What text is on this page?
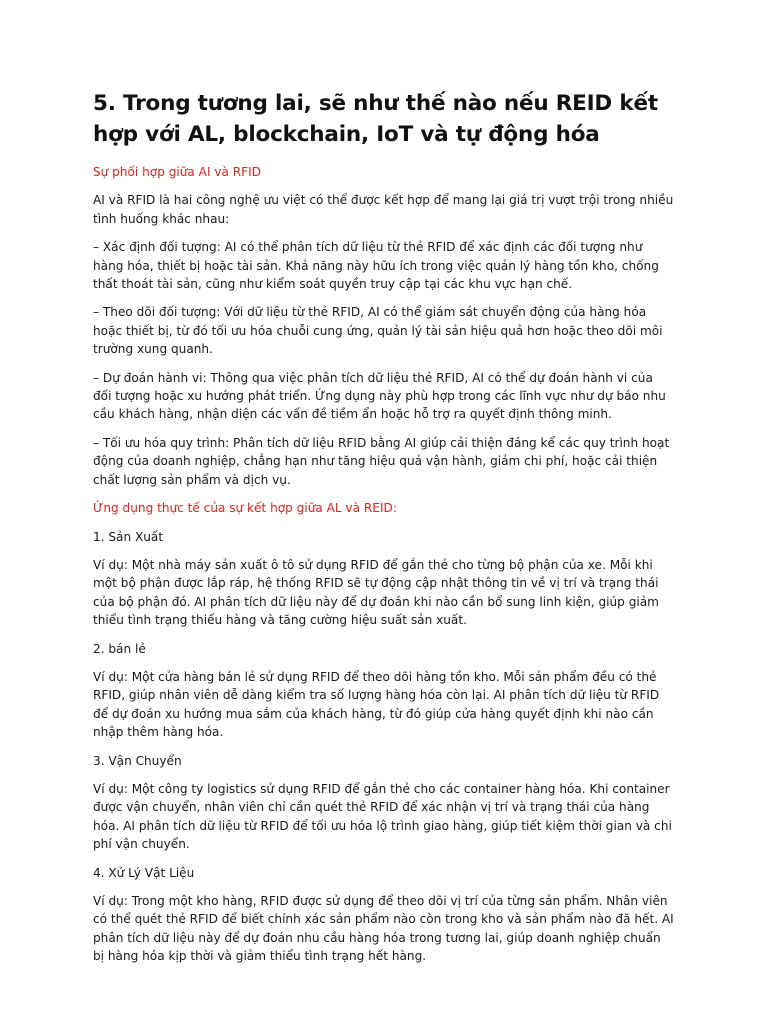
5. Trong tương lai, sẽ như thế nào nếu REID kết hợp với AL, blockchain, IoT và tự động hóa

Sự phối hợp giữa AI và RFID

AI và RFID là hai công nghệ ưu việt có thể được kết hợp để mang lại giá trị vượt trội trong nhiều tình huống khác nhau:

– Xác định đối tượng: AI có thể phân tích dữ liệu từ thẻ RFID để xác định các đối tượng như hàng hóa, thiết bị hoặc tài sản. Khả năng này hữu ích trong việc quản lý hàng tồn kho, chống thất thoát tài sản, cũng như kiểm soát quyền truy cập tại các khu vực hạn chế.

– Theo dõi đối tượng: Với dữ liệu từ thẻ RFID, AI có thể giám sát chuyển động của hàng hóa hoặc thiết bị, từ đó tối ưu hóa chuỗi cung ứng, quản lý tài sản hiệu quả hơn hoặc theo dõi môi trường xung quanh.

– Dự đoán hành vi: Thông qua việc phân tích dữ liệu thẻ RFID, AI có thể dự đoán hành vi của đối tượng hoặc xu hướng phát triển. Ứng dụng này phù hợp trong các lĩnh vực như dự báo nhu cầu khách hàng, nhận diện các vấn đề tiềm ẩn hoặc hỗ trợ ra quyết định thông minh.

– Tối ưu hóa quy trình: Phân tích dữ liệu RFID bằng AI giúp cải thiện đáng kể các quy trình hoạt động của doanh nghiệp, chẳng hạn như tăng hiệu quả vận hành, giảm chi phí, hoặc cải thiện chất lượng sản phẩm và dịch vụ.

Ứng dụng thực tế của sự kết hợp giữa AL và REID:

1. Sản Xuất

Ví dụ: Một nhà máy sản xuất ô tô sử dụng RFID để gắn thẻ cho từng bộ phận của xe. Mỗi khi một bộ phận được lắp ráp, hệ thống RFID sẽ tự động cập nhật thông tin về vị trí và trạng thái của bộ phận đó. AI phân tích dữ liệu này để dự đoán khi nào cần bổ sung linh kiện, giúp giảm thiểu tình trạng thiếu hàng và tăng cường hiệu suất sản xuất.

2. bán lẻ

Ví dụ: Một cửa hàng bán lẻ sử dụng RFID để theo dõi hàng tồn kho. Mỗi sản phẩm đều có thẻ RFID, giúp nhân viên dễ dàng kiểm tra số lượng hàng hóa còn lại. AI phân tích dữ liệu từ RFID để dự đoán xu hướng mua sắm của khách hàng, từ đó giúp cửa hàng quyết định khi nào cần nhập thêm hàng hóa.

3. Vận Chuyển

Ví dụ: Một công ty logistics sử dụng RFID để gắn thẻ cho các container hàng hóa. Khi container được vận chuyển, nhân viên chỉ cần quét thẻ RFID để xác nhận vị trí và trạng thái của hàng hóa. AI phân tích dữ liệu từ RFID để tối ưu hóa lộ trình giao hàng, giúp tiết kiệm thời gian và chi phí vận chuyển.

4. Xử Lý Vật Liệu

Ví dụ: Trong một kho hàng, RFID được sử dụng để theo dõi vị trí của từng sản phẩm. Nhân viên có thể quét thẻ RFID để biết chính xác sản phẩm nào còn trong kho và sản phẩm nào đã hết. AI phân tích dữ liệu này để dự đoán nhu cầu hàng hóa trong tương lai, giúp doanh nghiệp chuẩn bị hàng hóa kịp thời và giảm thiểu tình trạng hết hàng.
